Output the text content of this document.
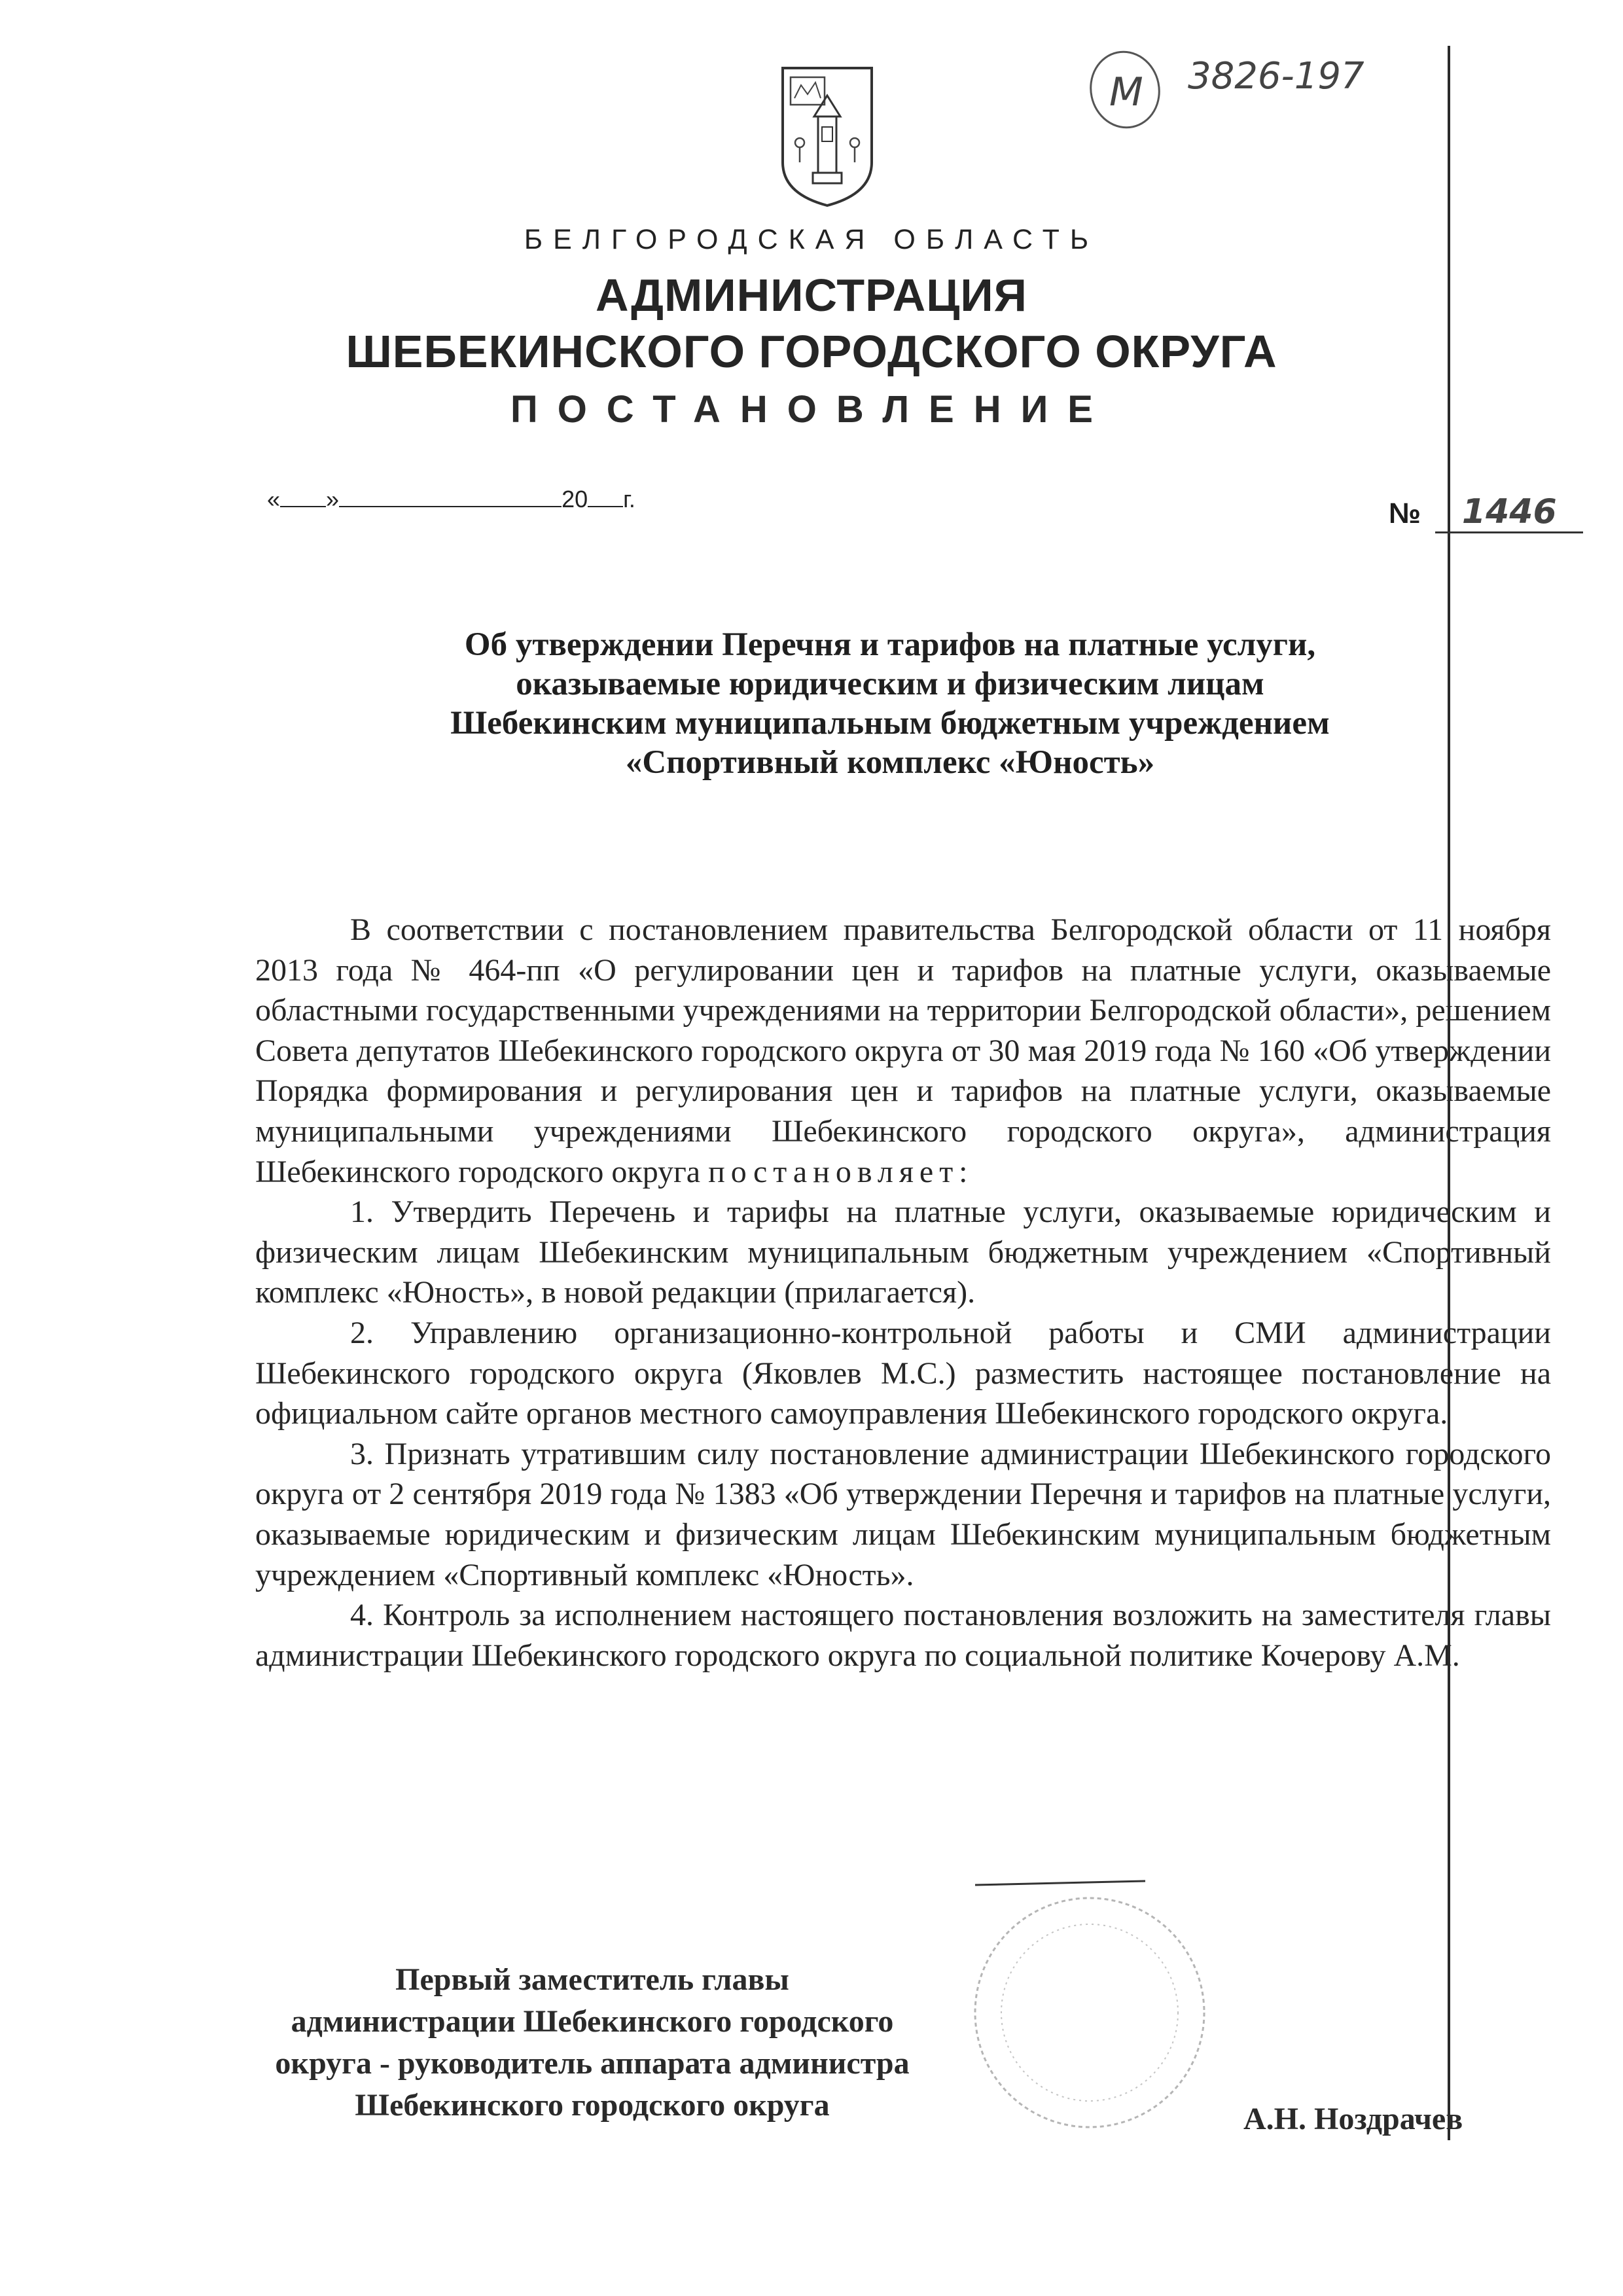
М 3826-197
БЕЛГОРОДСКАЯ ОБЛАСТЬ
АДМИНИСТРАЦИЯ
ШЕБЕКИНСКОГО ГОРОДСКОГО ОКРУГА
ПОСТАНОВЛЕНИЕ
« »	20 г.	№ 1446
Об утверждении Перечня и тарифов на платные услуги,
оказываемые юридическим и физическим лицам
Шебекинским муниципальным бюджетным учреждением
«Спортивный комплекс «Юность»

В соответствии с постановлением правительства Белгородской области от 11 ноября 2013 года № 464-пп «О регулировании цен и тарифов на платные услуги, оказываемые областными государственными учреждениями на территории Белгородской области», решением Совета депутатов Шебекинского городского округа от 30 мая 2019 года № 160 «Об утверждении Порядка формирования и регулирования цен и тарифов на платные услуги, оказываемые муниципальными учреждениями Шебекинского городского округа», администрация Шебекинского городского округа постановляет:

1. Утвердить Перечень и тарифы на платные услуги, оказываемые юридическим и физическим лицам Шебекинским муниципальным бюджетным учреждением «Спортивный комплекс «Юность», в новой редакции (прилагается).

2. Управлению организационно-контрольной работы и СМИ администрации Шебекинского городского округа (Яковлев М.С.) разместить настоящее постановление на официальном сайте органов местного самоуправления Шебекинского городского округа.

3. Признать утратившим силу постановление администрации Шебекинского городского округа от 2 сентября 2019 года № 1383 «Об утверждении Перечня и тарифов на платные услуги, оказываемые юридическим и физическим лицам Шебекинским муниципальным бюджетным учреждением «Спортивный комплекс «Юность».

4. Контроль за исполнением настоящего постановления возложить на заместителя главы администрации Шебекинского городского округа по социальной политике Кочерову А.М.

Первый заместитель главы
администрации Шебекинского городского
округа - руководитель аппарата администра
Шебекинского городского округа	А.Н. Ноздрачев
